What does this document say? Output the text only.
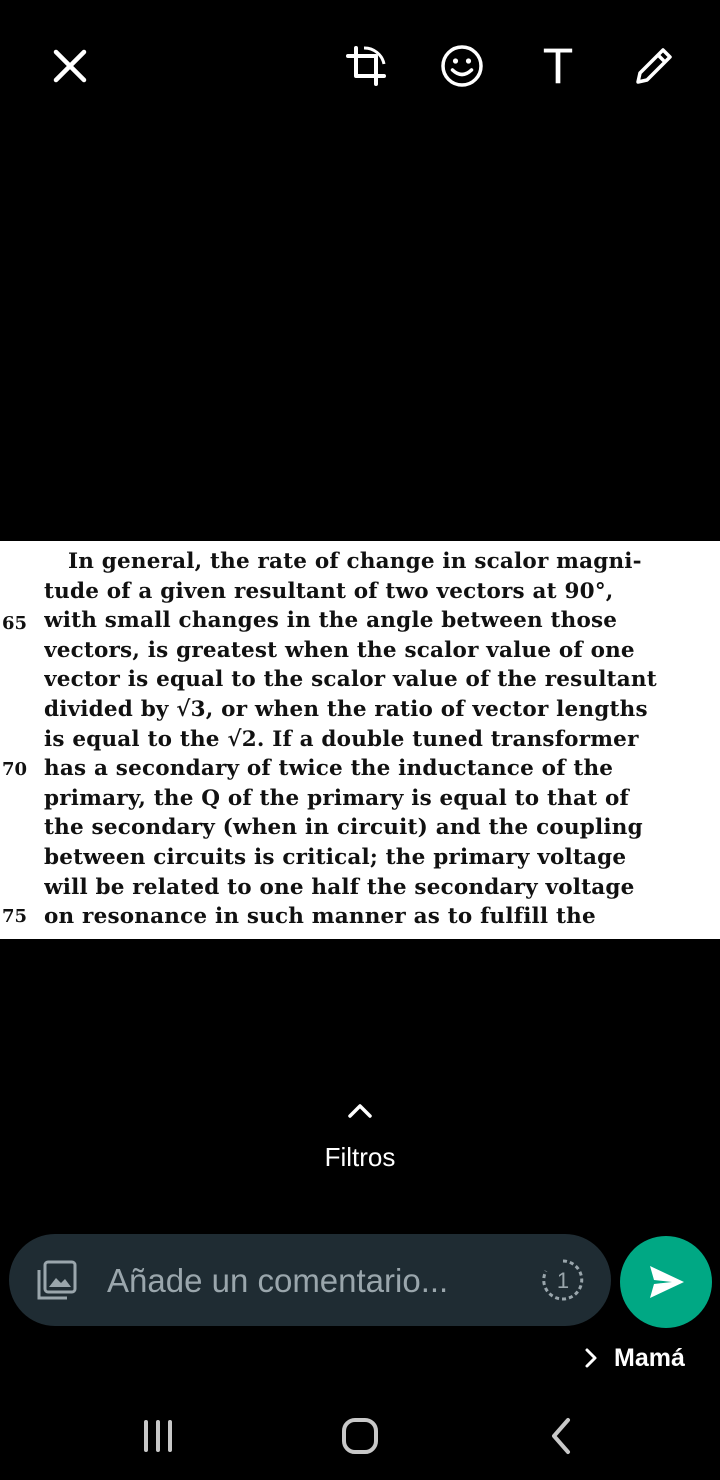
T
65
70
75
In general, the rate of change in scalor magni-
tude of a given resultant of two vectors at 90°,
with small changes in the angle between those
vectors, is greatest when the scalor value of one
vector is equal to the scalor value of the resultant
divided by √3, or when the ratio of vector lengths
is equal to the √2. If a double tuned transformer
has a secondary of twice the inductance of the
primary, the Q of the primary is equal to that of
the secondary (when in circuit) and the coupling
between circuits is critical; the primary voltage
will be related to one half the secondary voltage
on resonance in such manner as to fulfill the
Filtros
Añade un comentario...
1
Mamá
